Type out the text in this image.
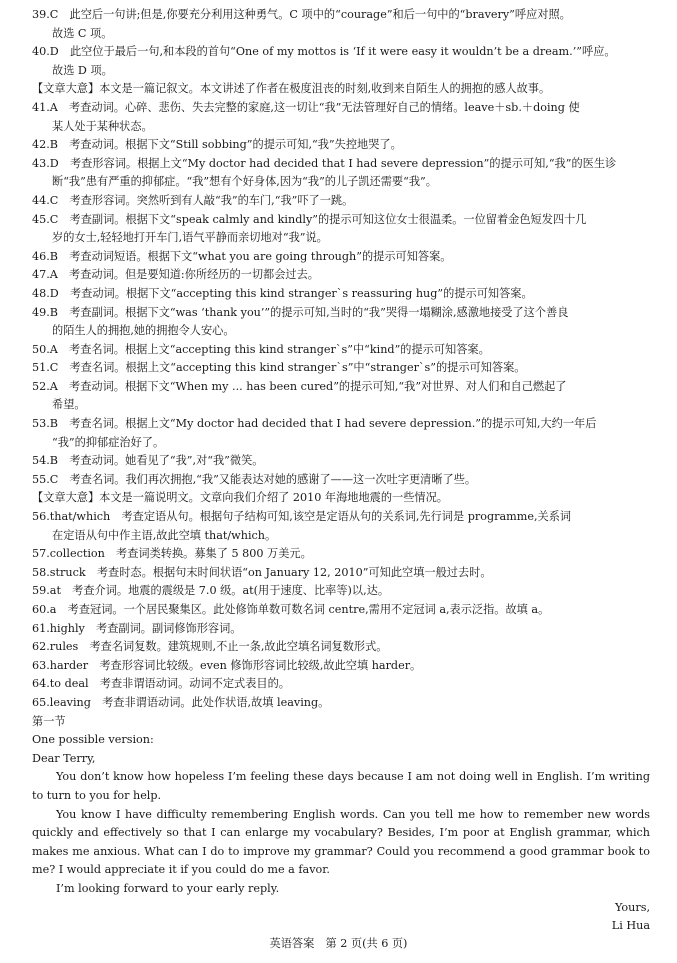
39.C　此空后一句讲;但是,你要充分利用这种勇气。C 项中的“courage”和后一句中的“bravery”呼应对照。
故选 C 项。
40.D　此空位于最后一句,和本段的首句“One of my mottos is ‘If it were easy it wouldn’t be a dream.’”呼应。
故选 D 项。
【文章大意】本文是一篇记叙文。本文讲述了作者在极度沮丧的时刻,收到来自陌生人的拥抱的感人故事。
41.A　考查动词。心碎、悲伤、失去完整的家庭,这一切让“我”无法管理好自己的情绪。leave＋sb.＋doing 使
某人处于某种状态。
42.B　考查动词。根据下文“Still sobbing”的提示可知,“我”失控地哭了。
43.D　考查形容词。根据上文“My doctor had decided that I had severe depression”的提示可知,“我”的医生诊
断“我”患有严重的抑郁症。“我”想有个好身体,因为“我”的儿子凯还需要“我”。
44.C　考查形容词。突然听到有人敲“我”的车门,“我”吓了一跳。
45.C　考查副词。根据下文“speak calmly and kindly”的提示可知这位女士很温柔。一位留着金色短发四十几
岁的女士,轻轻地打开车门,语气平静而亲切地对“我”说。
46.B　考查动词短语。根据下文“what you are going through”的提示可知答案。
47.A　考查动词。但是要知道:你所经历的一切都会过去。
48.D　考查动词。根据下文“accepting this kind stranger`s reassuring hug”的提示可知答案。
49.B　考查副词。根据下文“was ‘thank you’”的提示可知,当时的“我”哭得一塌糊涂,感激地接受了这个善良
的陌生人的拥抱,她的拥抱令人安心。
50.A　考查名词。根据上文“accepting this kind stranger`s”中“kind”的提示可知答案。
51.C　考查名词。根据上文“accepting this kind stranger`s”中“stranger`s”的提示可知答案。
52.A　考查动词。根据下文“When my ... has been cured”的提示可知,“我”对世界、对人们和自己燃起了
希望。
53.B　考查名词。根据上文“My doctor had decided that I had severe depression.”的提示可知,大约一年后
“我”的抑郁症治好了。
54.B　考查动词。她看见了“我”,对“我”微笑。
55.C　考查名词。我们再次拥抱,“我”又能表达对她的感谢了——这一次吐字更清晰了些。
【文章大意】本文是一篇说明文。文章向我们介绍了 2010 年海地地震的一些情况。
56.that/which　考查定语从句。根据句子结构可知,该空是定语从句的关系词,先行词是 programme,关系词
在定语从句中作主语,故此空填 that/which。
57.collection　考查词类转换。募集了 5 800 万美元。
58.struck　考查时态。根据句末时间状语“on January 12, 2010”可知此空填一般过去时。
59.at　考查介词。地震的震级是 7.0 级。at(用于速度、比率等)以,达。
60.a　考查冠词。一个居民聚集区。此处修饰单数可数名词 centre,需用不定冠词 a,表示泛指。故填 a。
61.highly　考查副词。副词修饰形容词。
62.rules　考查名词复数。建筑规则,不止一条,故此空填名词复数形式。
63.harder　考查形容词比较级。even 修饰形容词比较级,故此空填 harder。
64.to deal　考查非谓语动词。动词不定式表目的。
65.leaving　考查非谓语动词。此处作状语,故填 leaving。
第一节
One possible version:
Dear Terry,
You don’t know how hopeless I’m feeling these days because I am not doing well in English. I’m writing to turn to you for help.
You know I have difficulty remembering English words. Can you tell me how to remember new words quickly and effectively so that I can enlarge my vocabulary? Besides, I’m poor at English grammar, which makes me anxious. What can I do to improve my grammar? Could you recommend a good grammar book to me? I would appreciate it if you could do me a favor.
I’m looking forward to your early reply.
Yours,
Li Hua
英语答案　第 2 页(共 6 页)
